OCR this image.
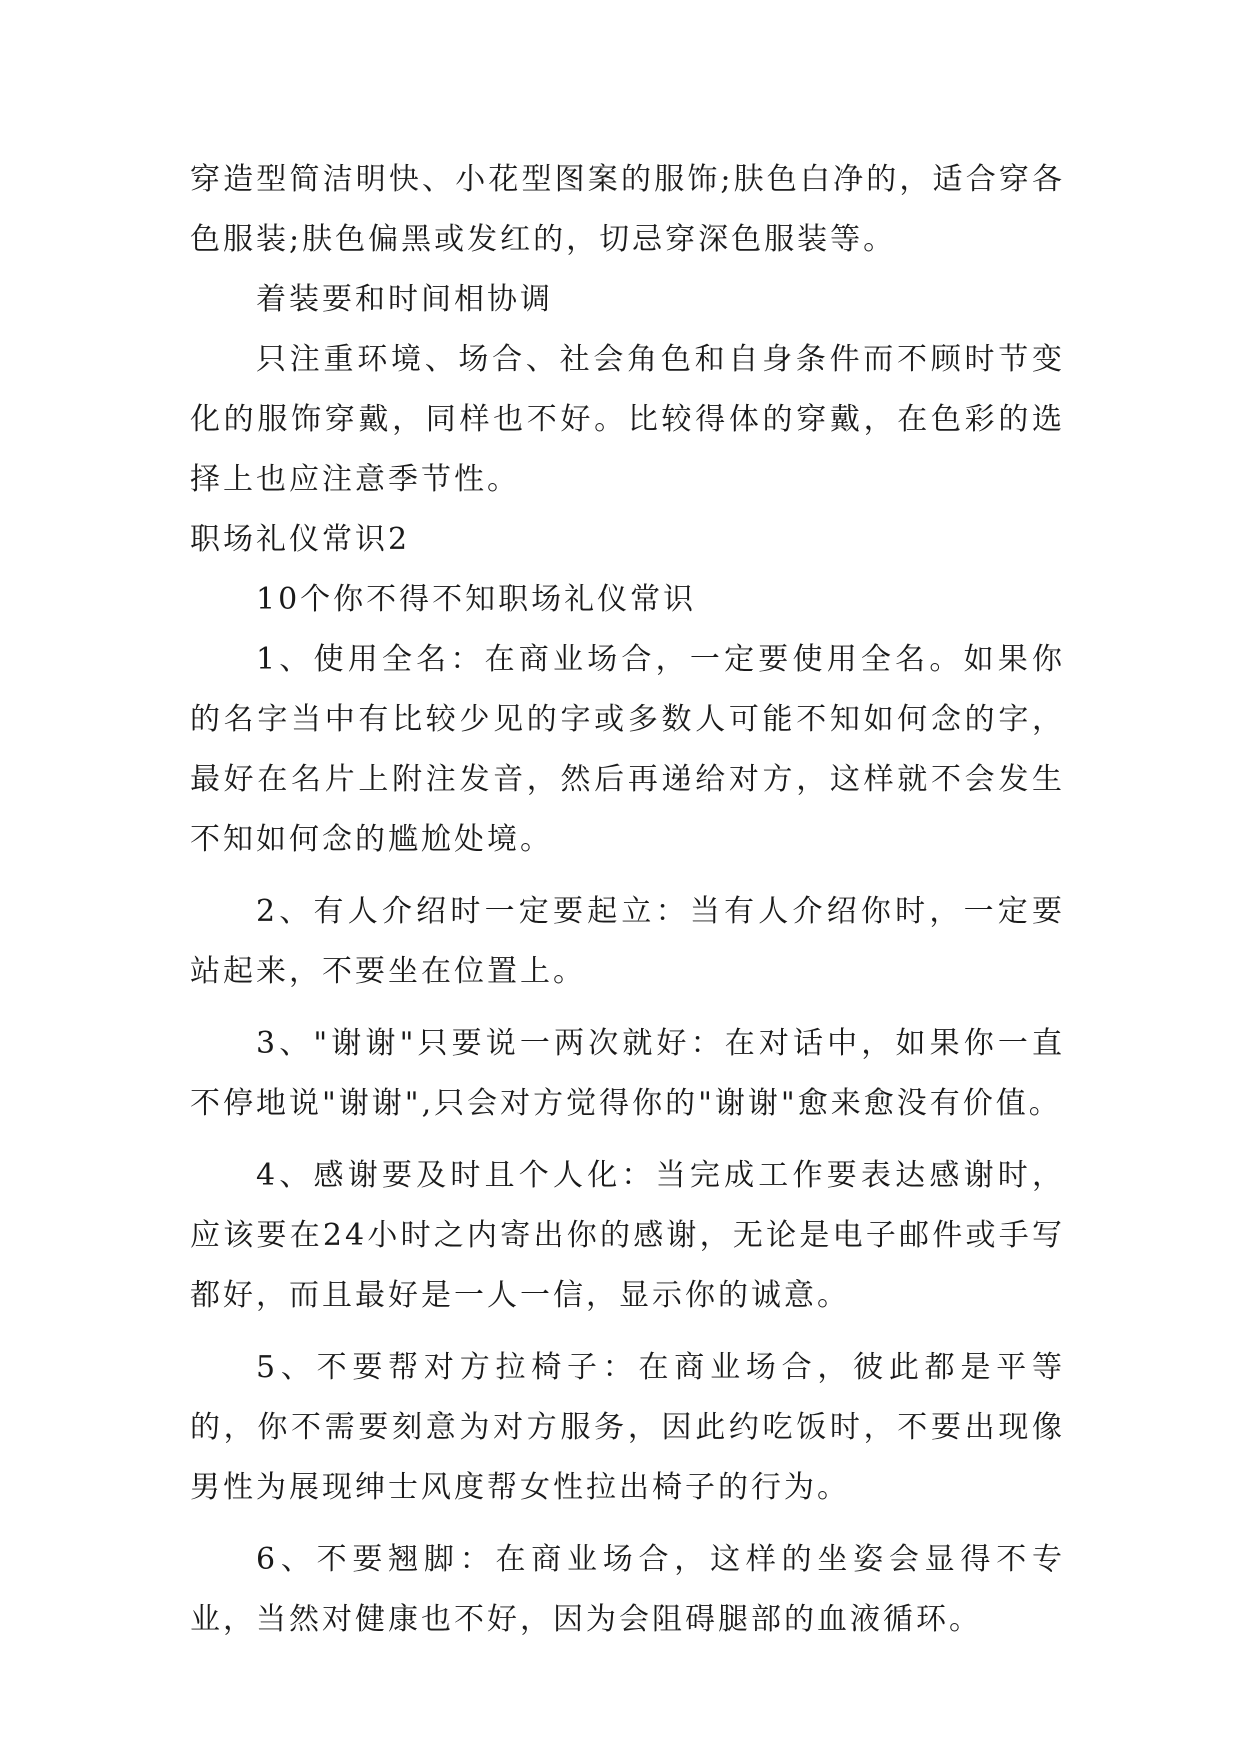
穿造型简洁明快、小花型图案的服饰;肤色白净的，适合穿各色服装;肤色偏黑或发红的，切忌穿深色服装等。

着装要和时间相协调

只注重环境、场合、社会角色和自身条件而不顾时节变化的服饰穿戴，同样也不好。比较得体的穿戴，在色彩的选择上也应注意季节性。

职场礼仪常识2

10个你不得不知职场礼仪常识

1、使用全名：在商业场合，一定要使用全名。如果你的名字当中有比较少见的字或多数人可能不知如何念的字，最好在名片上附注发音，然后再递给对方，这样就不会发生不知如何念的尴尬处境。

2、有人介绍时一定要起立：当有人介绍你时，一定要站起来，不要坐在位置上。

3、"谢谢"只要说一两次就好：在对话中，如果你一直不停地说"谢谢",只会对方觉得你的"谢谢"愈来愈没有价值。

4、感谢要及时且个人化：当完成工作要表达感谢时，应该要在24小时之内寄出你的感谢，无论是电子邮件或手写都好，而且最好是一人一信，显示你的诚意。

5、不要帮对方拉椅子：在商业场合，彼此都是平等的，你不需要刻意为对方服务，因此约吃饭时，不要出现像男性为展现绅士风度帮女性拉出椅子的行为。

6、不要翘脚：在商业场合，这样的坐姿会显得不专业，当然对健康也不好，因为会阻碍腿部的血液循环。
